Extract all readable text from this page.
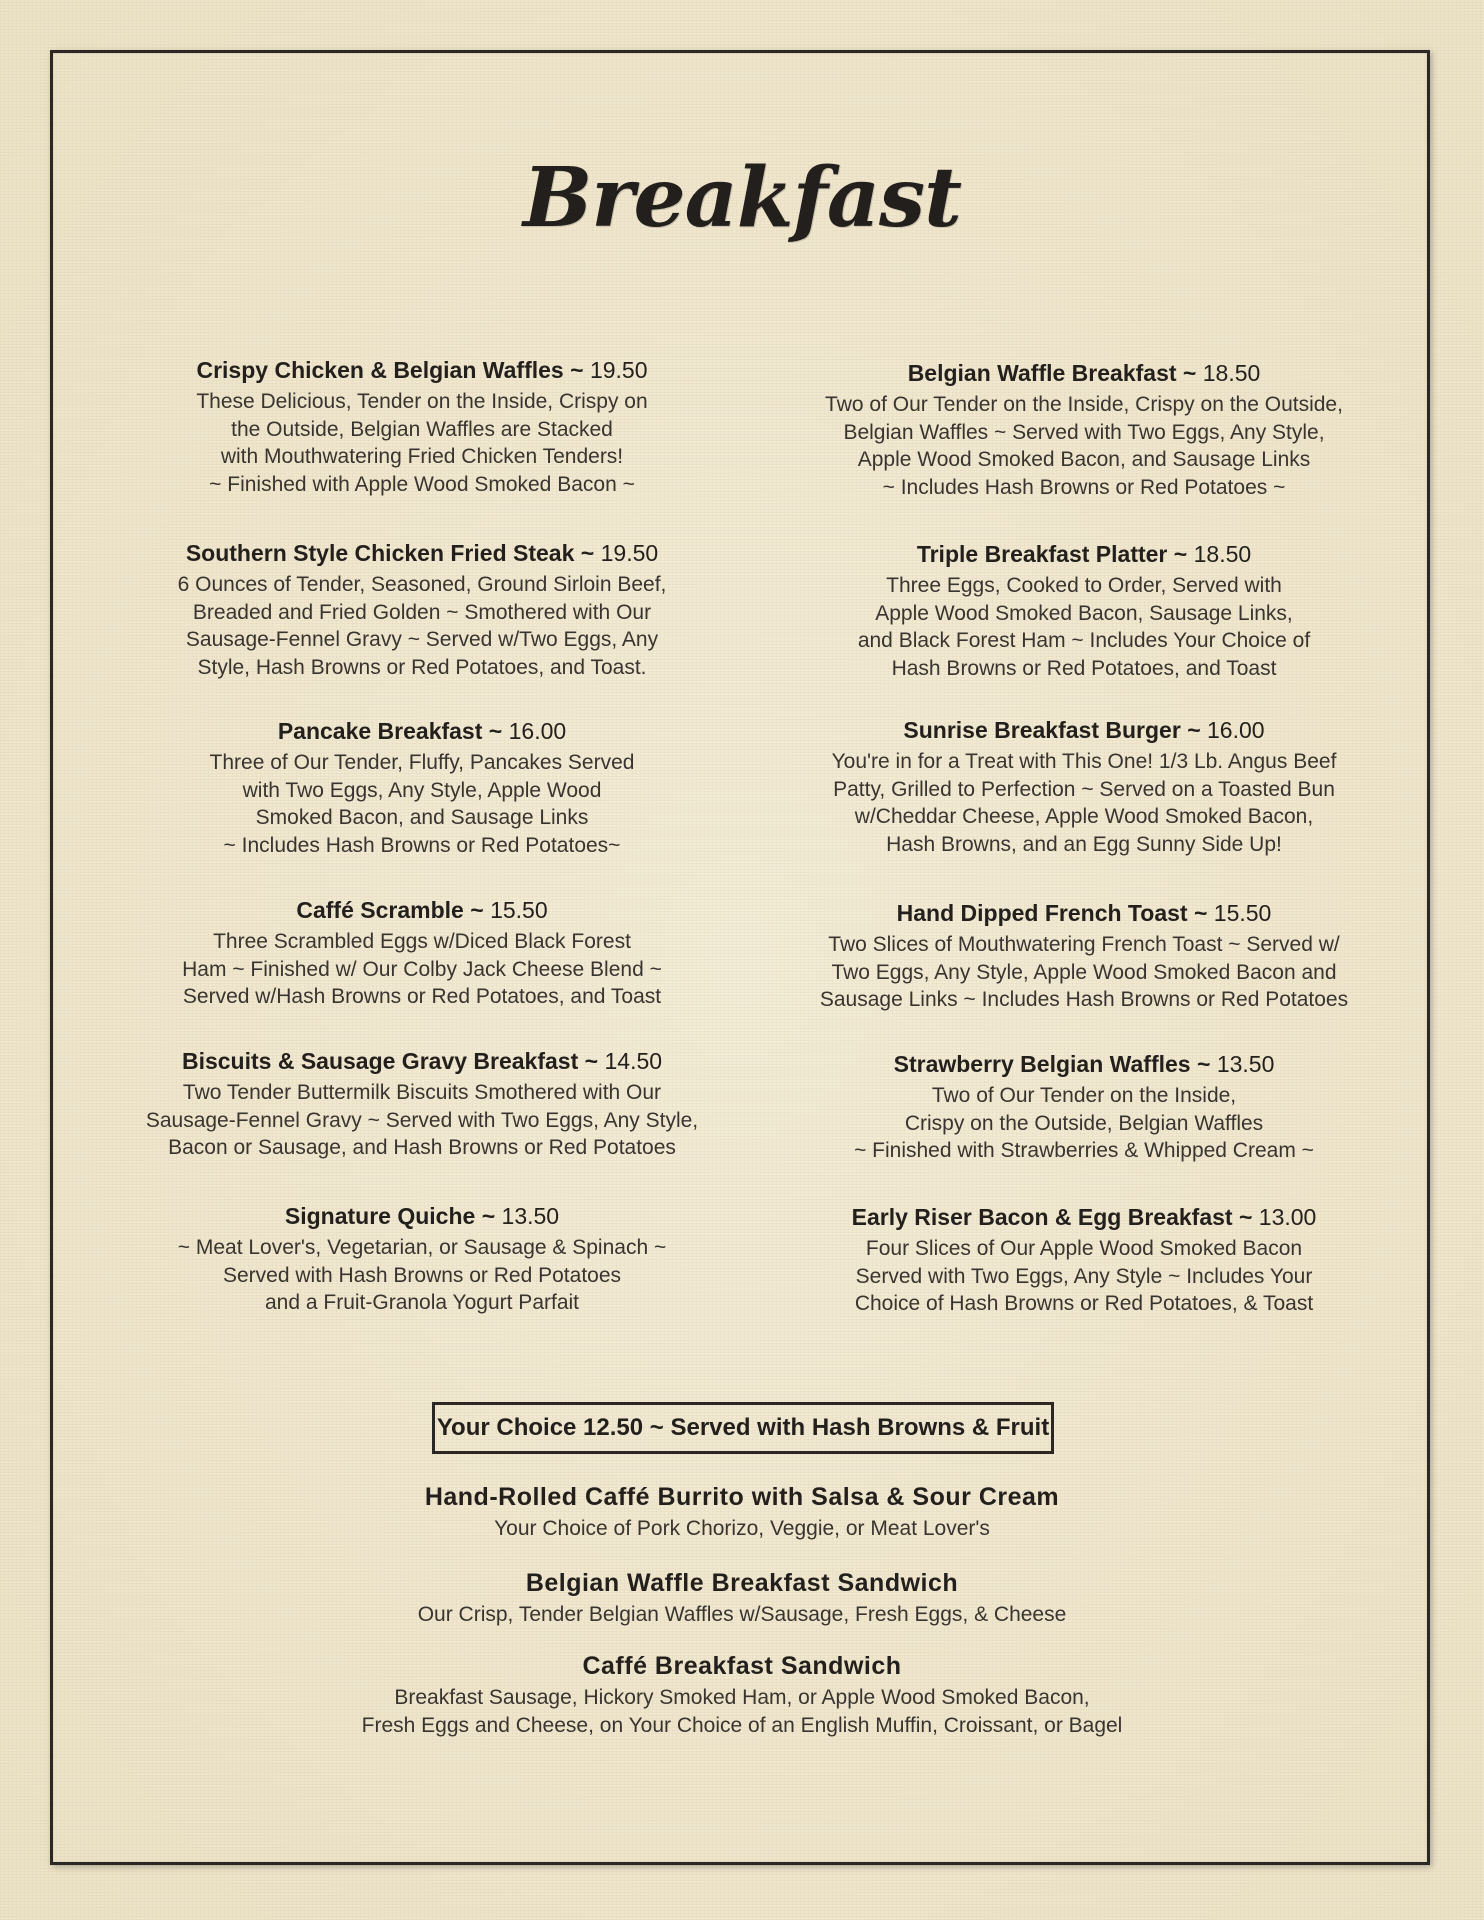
Breakfast
Crispy Chicken & Belgian Waffles ~ 19.50
These Delicious, Tender on the Inside, Crispy on
the Outside, Belgian Waffles are Stacked
with Mouthwatering Fried Chicken Tenders!
~ Finished with Apple Wood Smoked Bacon ~
Southern Style Chicken Fried Steak ~ 19.50
6 Ounces of Tender, Seasoned, Ground Sirloin Beef,
Breaded and Fried Golden ~ Smothered with Our
Sausage-Fennel Gravy ~ Served w/Two Eggs, Any
Style, Hash Browns or Red Potatoes, and Toast.
Pancake Breakfast ~ 16.00
Three of Our Tender, Fluffy, Pancakes Served
with Two Eggs, Any Style, Apple Wood
Smoked Bacon, and Sausage Links
~ Includes Hash Browns or Red Potatoes~
Caffé Scramble ~ 15.50
Three Scrambled Eggs w/Diced Black Forest
Ham ~ Finished w/ Our Colby Jack Cheese Blend ~
Served w/Hash Browns or Red Potatoes, and Toast
Biscuits & Sausage Gravy Breakfast ~ 14.50
Two Tender Buttermilk Biscuits Smothered with Our
Sausage-Fennel Gravy ~ Served with Two Eggs, Any Style,
Bacon or Sausage, and Hash Browns or Red Potatoes
Signature Quiche ~ 13.50
~ Meat Lover's, Vegetarian, or Sausage & Spinach ~
Served with Hash Browns or Red Potatoes
and a Fruit-Granola Yogurt Parfait
Belgian Waffle Breakfast ~ 18.50
Two of Our Tender on the Inside, Crispy on the Outside,
Belgian Waffles ~ Served with Two Eggs, Any Style,
Apple Wood Smoked Bacon, and Sausage Links
~ Includes Hash Browns or Red Potatoes ~
Triple Breakfast Platter ~ 18.50
Three Eggs, Cooked to Order, Served with
Apple Wood Smoked Bacon, Sausage Links,
and Black Forest Ham ~ Includes Your Choice of
Hash Browns or Red Potatoes, and Toast
Sunrise Breakfast Burger ~ 16.00
You're in for a Treat with This One! 1/3 Lb. Angus Beef
Patty, Grilled to Perfection ~ Served on a Toasted Bun
w/Cheddar Cheese, Apple Wood Smoked Bacon,
Hash Browns, and an Egg Sunny Side Up!
Hand Dipped French Toast ~ 15.50
Two Slices of Mouthwatering French Toast ~ Served w/
Two Eggs, Any Style, Apple Wood Smoked Bacon and
Sausage Links ~ Includes Hash Browns or Red Potatoes
Strawberry Belgian Waffles ~ 13.50
Two of Our Tender on the Inside,
Crispy on the Outside, Belgian Waffles
~ Finished with Strawberries & Whipped Cream ~
Early Riser Bacon & Egg Breakfast ~ 13.00
Four Slices of Our Apple Wood Smoked Bacon
Served with Two Eggs, Any Style ~ Includes Your
Choice of Hash Browns or Red Potatoes, & Toast
Your Choice 12.50 ~ Served with Hash Browns & Fruit
Hand-Rolled Caffé Burrito with Salsa & Sour Cream
Your Choice of Pork Chorizo, Veggie, or Meat Lover's
Belgian Waffle Breakfast Sandwich
Our Crisp, Tender Belgian Waffles w/Sausage, Fresh Eggs, & Cheese
Caffé Breakfast Sandwich
Breakfast Sausage, Hickory Smoked Ham, or Apple Wood Smoked Bacon,
Fresh Eggs and Cheese, on Your Choice of an English Muffin, Croissant, or Bagel
